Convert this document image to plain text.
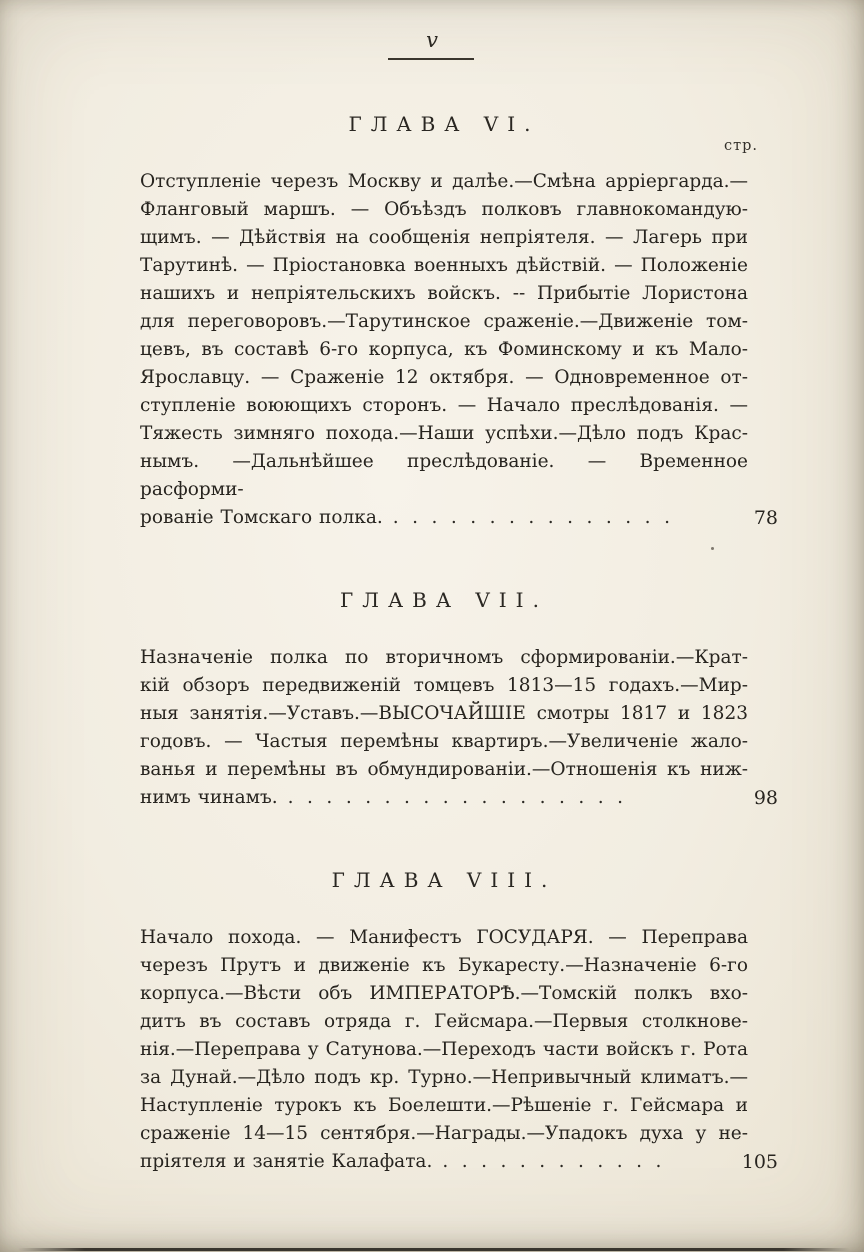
v
стр.
ГЛАВА VI.
Отступленіе черезъ Москву и далѣе.—Смѣна арріергарда.—
Фланговый маршъ. — Объѣздъ полковъ главнокомандую-
щимъ. — Дѣйствія на сообщенія непріятеля. — Лагерь при
Тарутинѣ. — Пріостановка военныхъ дѣйствій. — Положеніе
нашихъ и непріятельскихъ войскъ. -- Прибытіе Лористона
для переговоровъ.—Тарутинское сраженіе.—Движеніе том-
цевъ, въ составѣ 6-го корпуса, къ Фоминскому и къ Мало-
Ярославцу. — Сраженіе 12 октября. — Одновременное от-
ступленіе воюющихъ сторонъ. — Начало преслѣдованія. —
Тяжесть зимняго похода.—Наши успѣхи.—Дѣло подъ Крас-
нымъ. —Дальнѣйшее преслѣдованіе. — Временное расформи-
рованіе Томскаго полка. ...............	78
ГЛАВА VII.
Назначеніе полка по вторичномъ сформированіи.—Крат-
кій обзоръ передвиженій томцевъ 1813—15 годахъ.—Мир-
ныя занятія.—Уставъ.—ВЫСОЧАЙШІЕ смотры 1817 и 1823
годовъ. — Частыя перемѣны квартиръ.—Увеличеніе жало-
ванья и перемѣны въ обмундированіи.—Отношенія къ ниж-
нимъ чинамъ. ..................	98
ГЛАВА VIII.
Начало похода. — Манифестъ ГОСУДАРЯ. — Переправа
черезъ Прутъ и движеніе къ Букаресту.—Назначеніе 6-го
корпуса.—Вѣсти объ ИМПЕРАТОРѢ.—Томскій полкъ вхо-
дитъ въ составъ отряда г. Гейсмара.—Первыя столкнове-
нія.—Переправа у Сатунова.—Переходъ части войскъ г. Рота
за Дунай.—Дѣло подъ кр. Турно.—Непривычный климатъ.—
Наступленіе турокъ къ Боелешти.—Рѣшеніе г. Гейсмара и
сраженіе 14—15 сентября.—Награды.—Упадокъ духа у не-
пріятеля и занятіе Калафата. ............	105
